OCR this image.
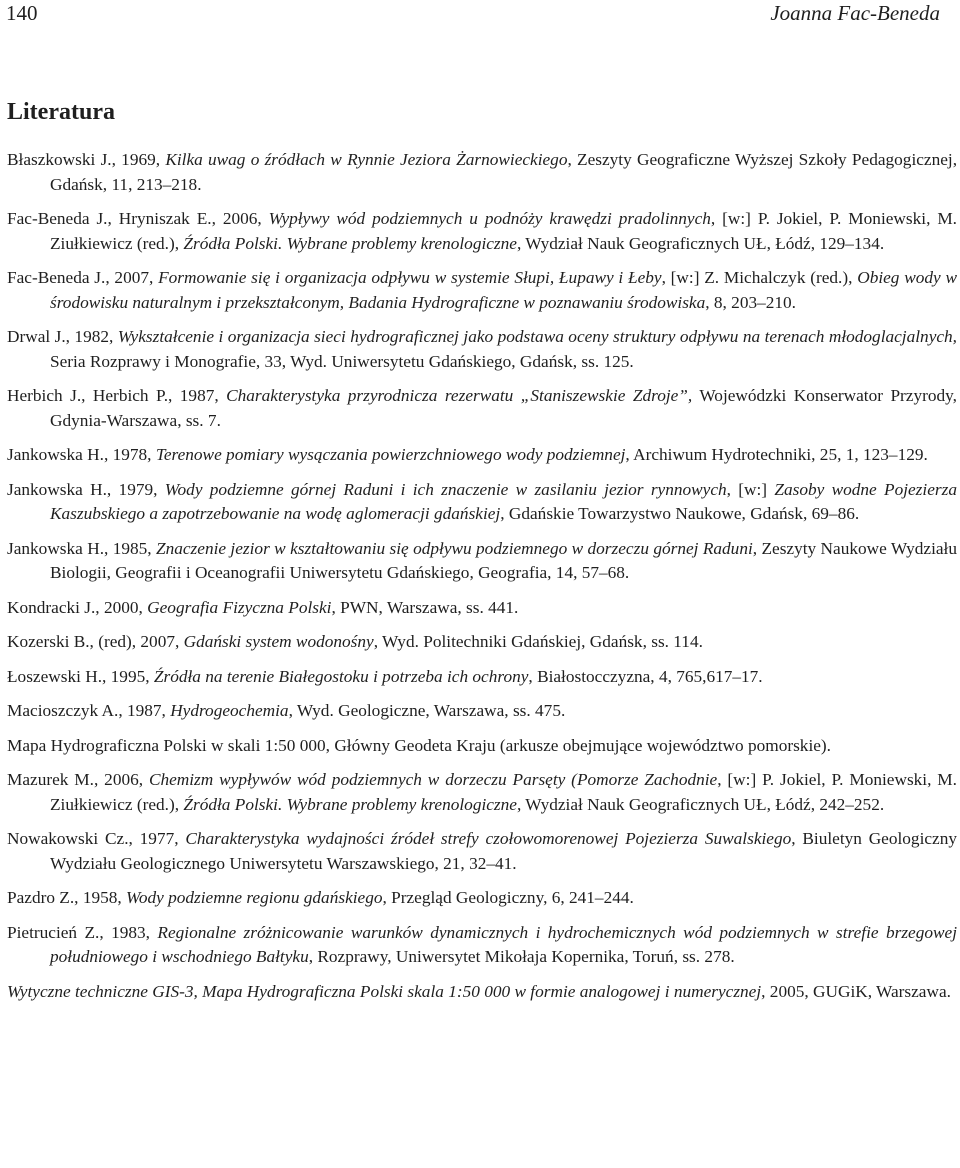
140	Joanna Fac-Beneda
Literatura

Błaszkowski J., 1969, Kilka uwag o źródłach w Rynnie Jeziora Żarnowieckiego, Zeszyty Geograficzne Wyższej Szkoły Pedagogicznej, Gdańsk, 11, 213–218.

Fac-Beneda J., Hryniszak E., 2006, Wypływy wód podziemnych u podnóży krawędzi pradolinnych, [w:] P. Jokiel, P. Moniewski, M. Ziułkiewicz (red.), Źródła Polski. Wybrane problemy krenologiczne, Wydział Nauk Geograficznych UŁ, Łódź, 129–134.

Fac-Beneda J., 2007, Formowanie się i organizacja odpływu w systemie Słupi, Łupawy i Łeby, [w:] Z. Michalczyk (red.), Obieg wody w środowisku naturalnym i przekształconym, Badania Hydrograficzne w poznawaniu środowiska, 8, 203–210.

Drwal J., 1982, Wykształcenie i organizacja sieci hydrograficznej jako podstawa oceny struktury odpływu na terenach młodoglacjalnych, Seria Rozprawy i Monografie, 33, Wyd. Uniwersytetu Gdańskiego, Gdańsk, ss. 125.

Herbich J., Herbich P., 1987, Charakterystyka przyrodnicza rezerwatu „Staniszewskie Zdroje”, Wojewódzki Konserwator Przyrody, Gdynia-Warszawa, ss. 7.

Jankowska H., 1978, Terenowe pomiary wysączania powierzchniowego wody podziemnej, Archiwum Hydrotechniki, 25, 1, 123–129.

Jankowska H., 1979, Wody podziemne górnej Raduni i ich znaczenie w zasilaniu jezior rynnowych, [w:] Zasoby wodne Pojezierza Kaszubskiego a zapotrzebowanie na wodę aglomeracji gdańskiej, Gdańskie Towarzystwo Naukowe, Gdańsk, 69–86.

Jankowska H., 1985, Znaczenie jezior w kształtowaniu się odpływu podziemnego w dorzeczu górnej Raduni, Zeszyty Naukowe Wydziału Biologii, Geografii i Oceanografii Uniwersytetu Gdańskiego, Geografia, 14, 57–68.

Kondracki J., 2000, Geografia Fizyczna Polski, PWN, Warszawa, ss. 441.

Kozerski B., (red), 2007, Gdański system wodonośny, Wyd. Politechniki Gdańskiej, Gdańsk, ss. 114.

Łoszewski H., 1995, Źródła na terenie Białegostoku i potrzeba ich ochrony, Białostocczyzna, 4, 765,617–17.

Macioszczyk A., 1987, Hydrogeochemia, Wyd. Geologiczne, Warszawa, ss. 475.

Mapa Hydrograficzna Polski w skali 1:50 000, Główny Geodeta Kraju (arkusze obejmujące województwo pomorskie).

Mazurek M., 2006, Chemizm wypływów wód podziemnych w dorzeczu Parsęty (Pomorze Zachodnie, [w:] P. Jokiel, P. Moniewski, M. Ziułkiewicz (red.), Źródła Polski. Wybrane problemy krenologiczne, Wydział Nauk Geograficznych UŁ, Łódź, 242–252.

Nowakowski Cz., 1977, Charakterystyka wydajności źródeł strefy czołowomorenowej Pojezierza Suwalskiego, Biuletyn Geologiczny Wydziału Geologicznego Uniwersytetu Warszawskiego, 21, 32–41.

Pazdro Z., 1958, Wody podziemne regionu gdańskiego, Przegląd Geologiczny, 6, 241–244.

Pietrucień Z., 1983, Regionalne zróżnicowanie warunków dynamicznych i hydrochemicznych wód podziemnych w strefie brzegowej południowego i wschodniego Bałtyku, Rozprawy, Uniwersytet Mikołaja Kopernika, Toruń, ss. 278.

Wytyczne techniczne GIS-3, Mapa Hydrograficzna Polski skala 1:50 000 w formie analogowej i numerycznej, 2005, GUGiK, Warszawa.
